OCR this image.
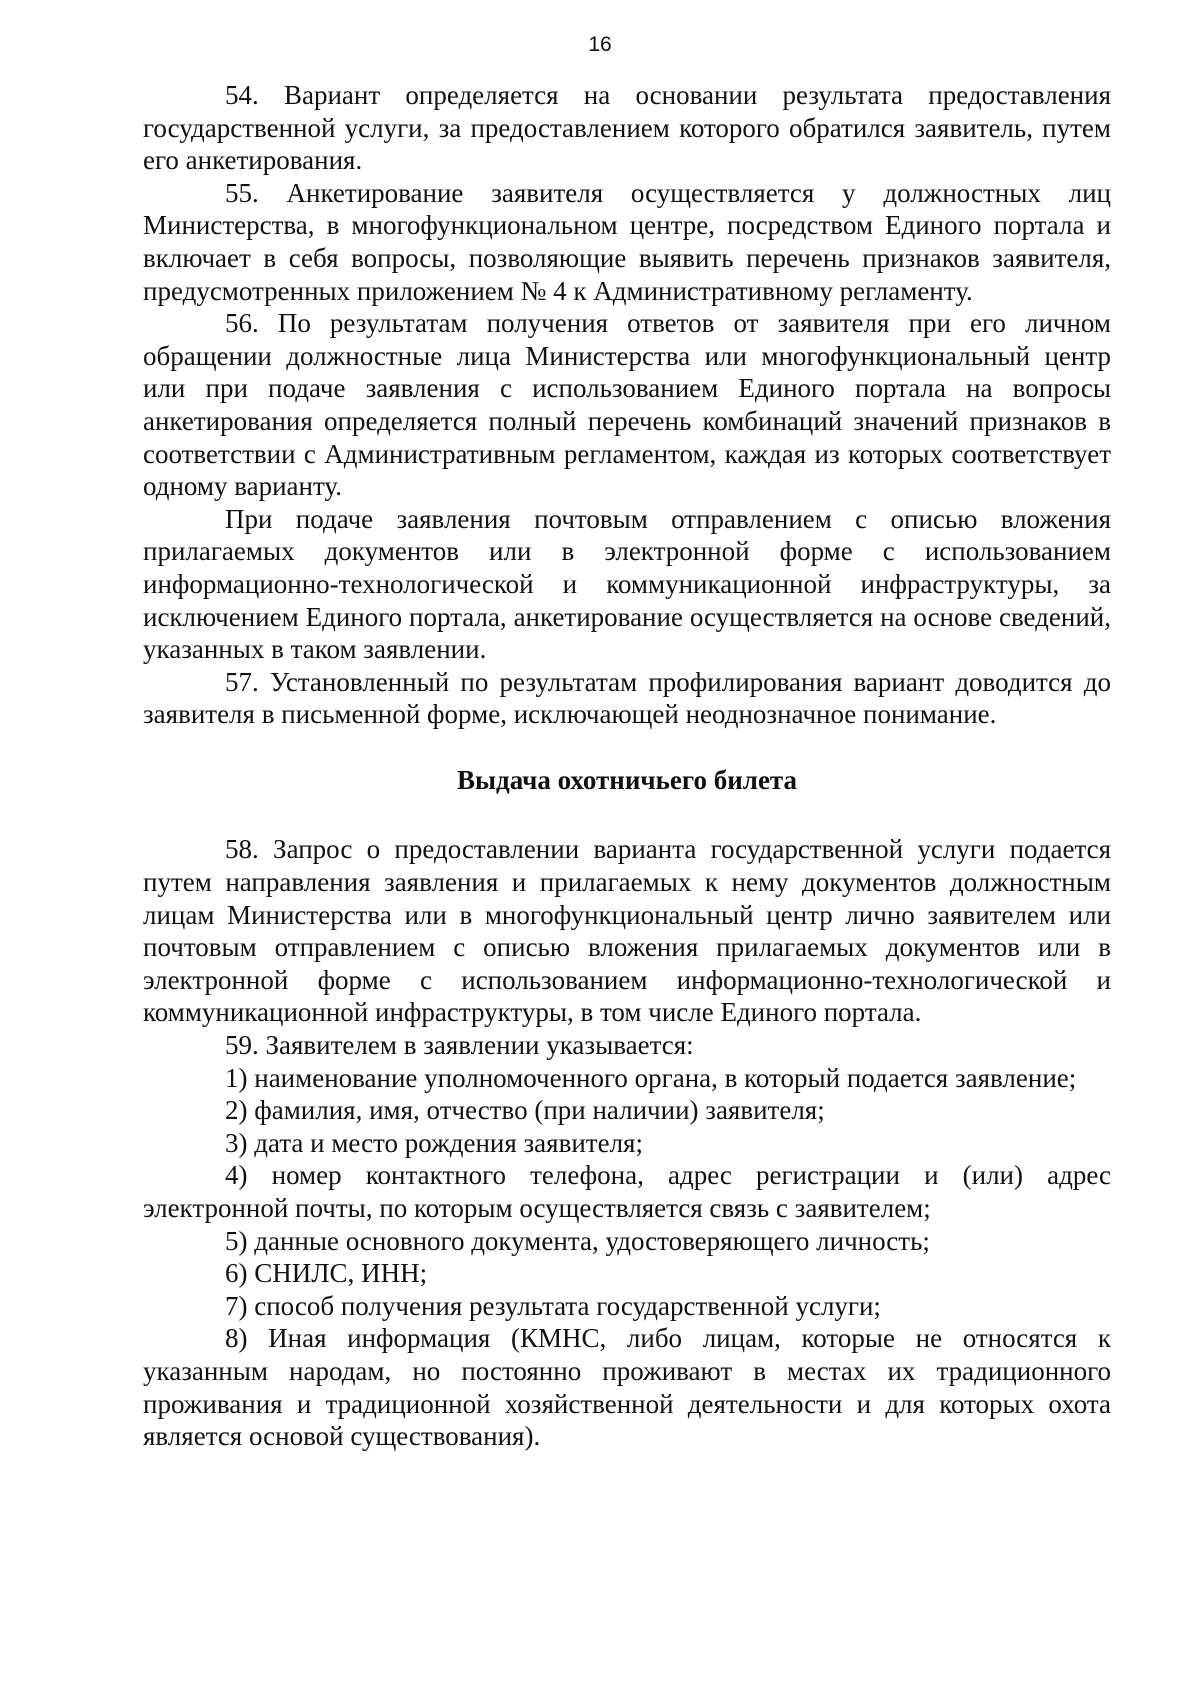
16

54. Вариант определяется на основании результата предоставления государственной услуги, за предоставлением которого обратился заявитель, путем его анкетирования.

55. Анкетирование заявителя осуществляется у должностных лиц Министерства, в многофункциональном центре, посредством Единого портала и включает в себя вопросы, позволяющие выявить перечень признаков заявителя, предусмотренных приложением № 4 к Административному регламенту.

56. По результатам получения ответов от заявителя при его личном обращении должностные лица Министерства или многофункциональный центр или при подаче заявления с использованием Единого портала на вопросы анкетирования определяется полный перечень комбинаций значений признаков в соответствии с Административным регламентом, каждая из которых соответствует одному варианту.

При подаче заявления почтовым отправлением с описью вложения прилагаемых документов или в электронной форме с использованием информационно-технологической и коммуникационной инфраструктуры, за исключением Единого портала, анкетирование осуществляется на основе сведений, указанных в таком заявлении.

57. Установленный по результатам профилирования вариант доводится до заявителя в письменной форме, исключающей неоднозначное понимание.

Выдача охотничьего билета

58. Запрос о предоставлении варианта государственной услуги подается путем направления заявления и прилагаемых к нему документов должностным лицам Министерства или в многофункциональный центр лично заявителем или почтовым отправлением с описью вложения прилагаемых документов или в электронной форме с использованием информационно-технологической и коммуникационной инфраструктуры, в том числе Единого портала.

59. Заявителем в заявлении указывается:

1) наименование уполномоченного органа, в который подается заявление;

2) фамилия, имя, отчество (при наличии) заявителя;

3) дата и место рождения заявителя;

4) номер контактного телефона, адрес регистрации и (или) адрес электронной почты, по которым осуществляется связь с заявителем;

5) данные основного документа, удостоверяющего личность;

6) СНИЛС, ИНН;

7) способ получения результата государственной услуги;

8) Иная информация (КМНС, либо лицам, которые не относятся к указанным народам, но постоянно проживают в местах их традиционного проживания и традиционной хозяйственной деятельности и для которых охота является основой существования).
